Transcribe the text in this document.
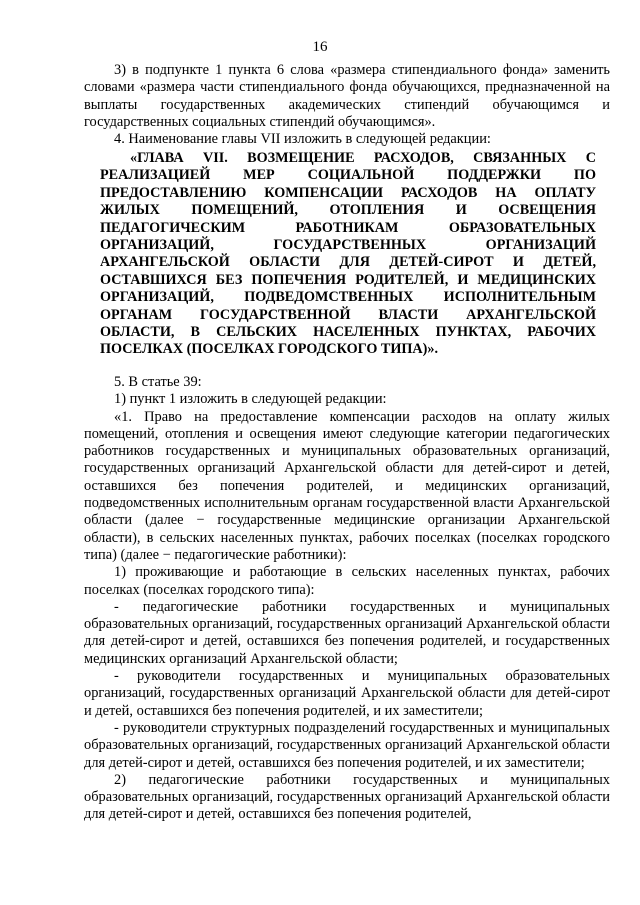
16

3) в подпункте 1 пункта 6 слова «размера стипендиального фонда» заменить словами «размера части стипендиального фонда обучающихся, предназначенной на выплаты государственных академических стипендий обучающимся и государственных социальных стипендий обучающимся».

4. Наименование главы VII изложить в следующей редакции:

«ГЛАВА VII. ВОЗМЕЩЕНИЕ РАСХОДОВ, СВЯЗАННЫХ С РЕАЛИЗАЦИЕЙ МЕР СОЦИАЛЬНОЙ ПОДДЕРЖКИ ПО ПРЕДОСТАВЛЕНИЮ КОМПЕНСАЦИИ РАСХОДОВ НА ОПЛАТУ ЖИЛЫХ ПОМЕЩЕНИЙ, ОТОПЛЕНИЯ И ОСВЕЩЕНИЯ ПЕДАГОГИЧЕСКИМ РАБОТНИКАМ ОБРАЗОВАТЕЛЬНЫХ ОРГАНИЗАЦИЙ, ГОСУДАРСТВЕННЫХ ОРГАНИЗАЦИЙ АРХАНГЕЛЬСКОЙ ОБЛАСТИ ДЛЯ ДЕТЕЙ-СИРОТ И ДЕТЕЙ, ОСТАВШИХСЯ БЕЗ ПОПЕЧЕНИЯ РОДИТЕЛЕЙ, И МЕДИЦИНСКИХ ОРГАНИЗАЦИЙ, ПОДВЕДОМСТВЕННЫХ ИСПОЛНИТЕЛЬНЫМ ОРГАНАМ ГОСУДАРСТВЕННОЙ ВЛАСТИ АРХАНГЕЛЬСКОЙ ОБЛАСТИ, В СЕЛЬСКИХ НАСЕЛЕННЫХ ПУНКТАХ, РАБОЧИХ ПОСЕЛКАХ (ПОСЕЛКАХ ГОРОДСКОГО ТИПА)».

5. В статье 39:

1) пункт 1 изложить в следующей редакции:

«1. Право на предоставление компенсации расходов на оплату жилых помещений, отопления и освещения имеют следующие категории педагогических работников государственных и муниципальных образовательных организаций, государственных организаций Архангельской области для детей-сирот и детей, оставшихся без попечения родителей, и медицинских организаций, подведомственных исполнительным органам государственной власти Архангельской области (далее − государственные медицинские организации Архангельской области), в сельских населенных пунктах, рабочих поселках (поселках городского типа) (далее − педагогические работники):

1) проживающие и работающие в сельских населенных пунктах, рабочих поселках (поселках городского типа):

- педагогические работники государственных и муниципальных образовательных организаций, государственных организаций Архангельской области для детей-сирот и детей, оставшихся без попечения родителей, и государственных медицинских организаций Архангельской области;

- руководители государственных и муниципальных образовательных организаций, государственных организаций Архангельской области для детей-сирот и детей, оставшихся без попечения родителей, и их заместители;

- руководители структурных подразделений государственных и муниципальных образовательных организаций, государственных организаций Архангельской области для детей-сирот и детей, оставшихся без попечения родителей, и их заместители;

2) педагогические работники государственных и муниципальных образовательных организаций, государственных организаций Архангельской области для детей-сирот и детей, оставшихся без попечения родителей,
